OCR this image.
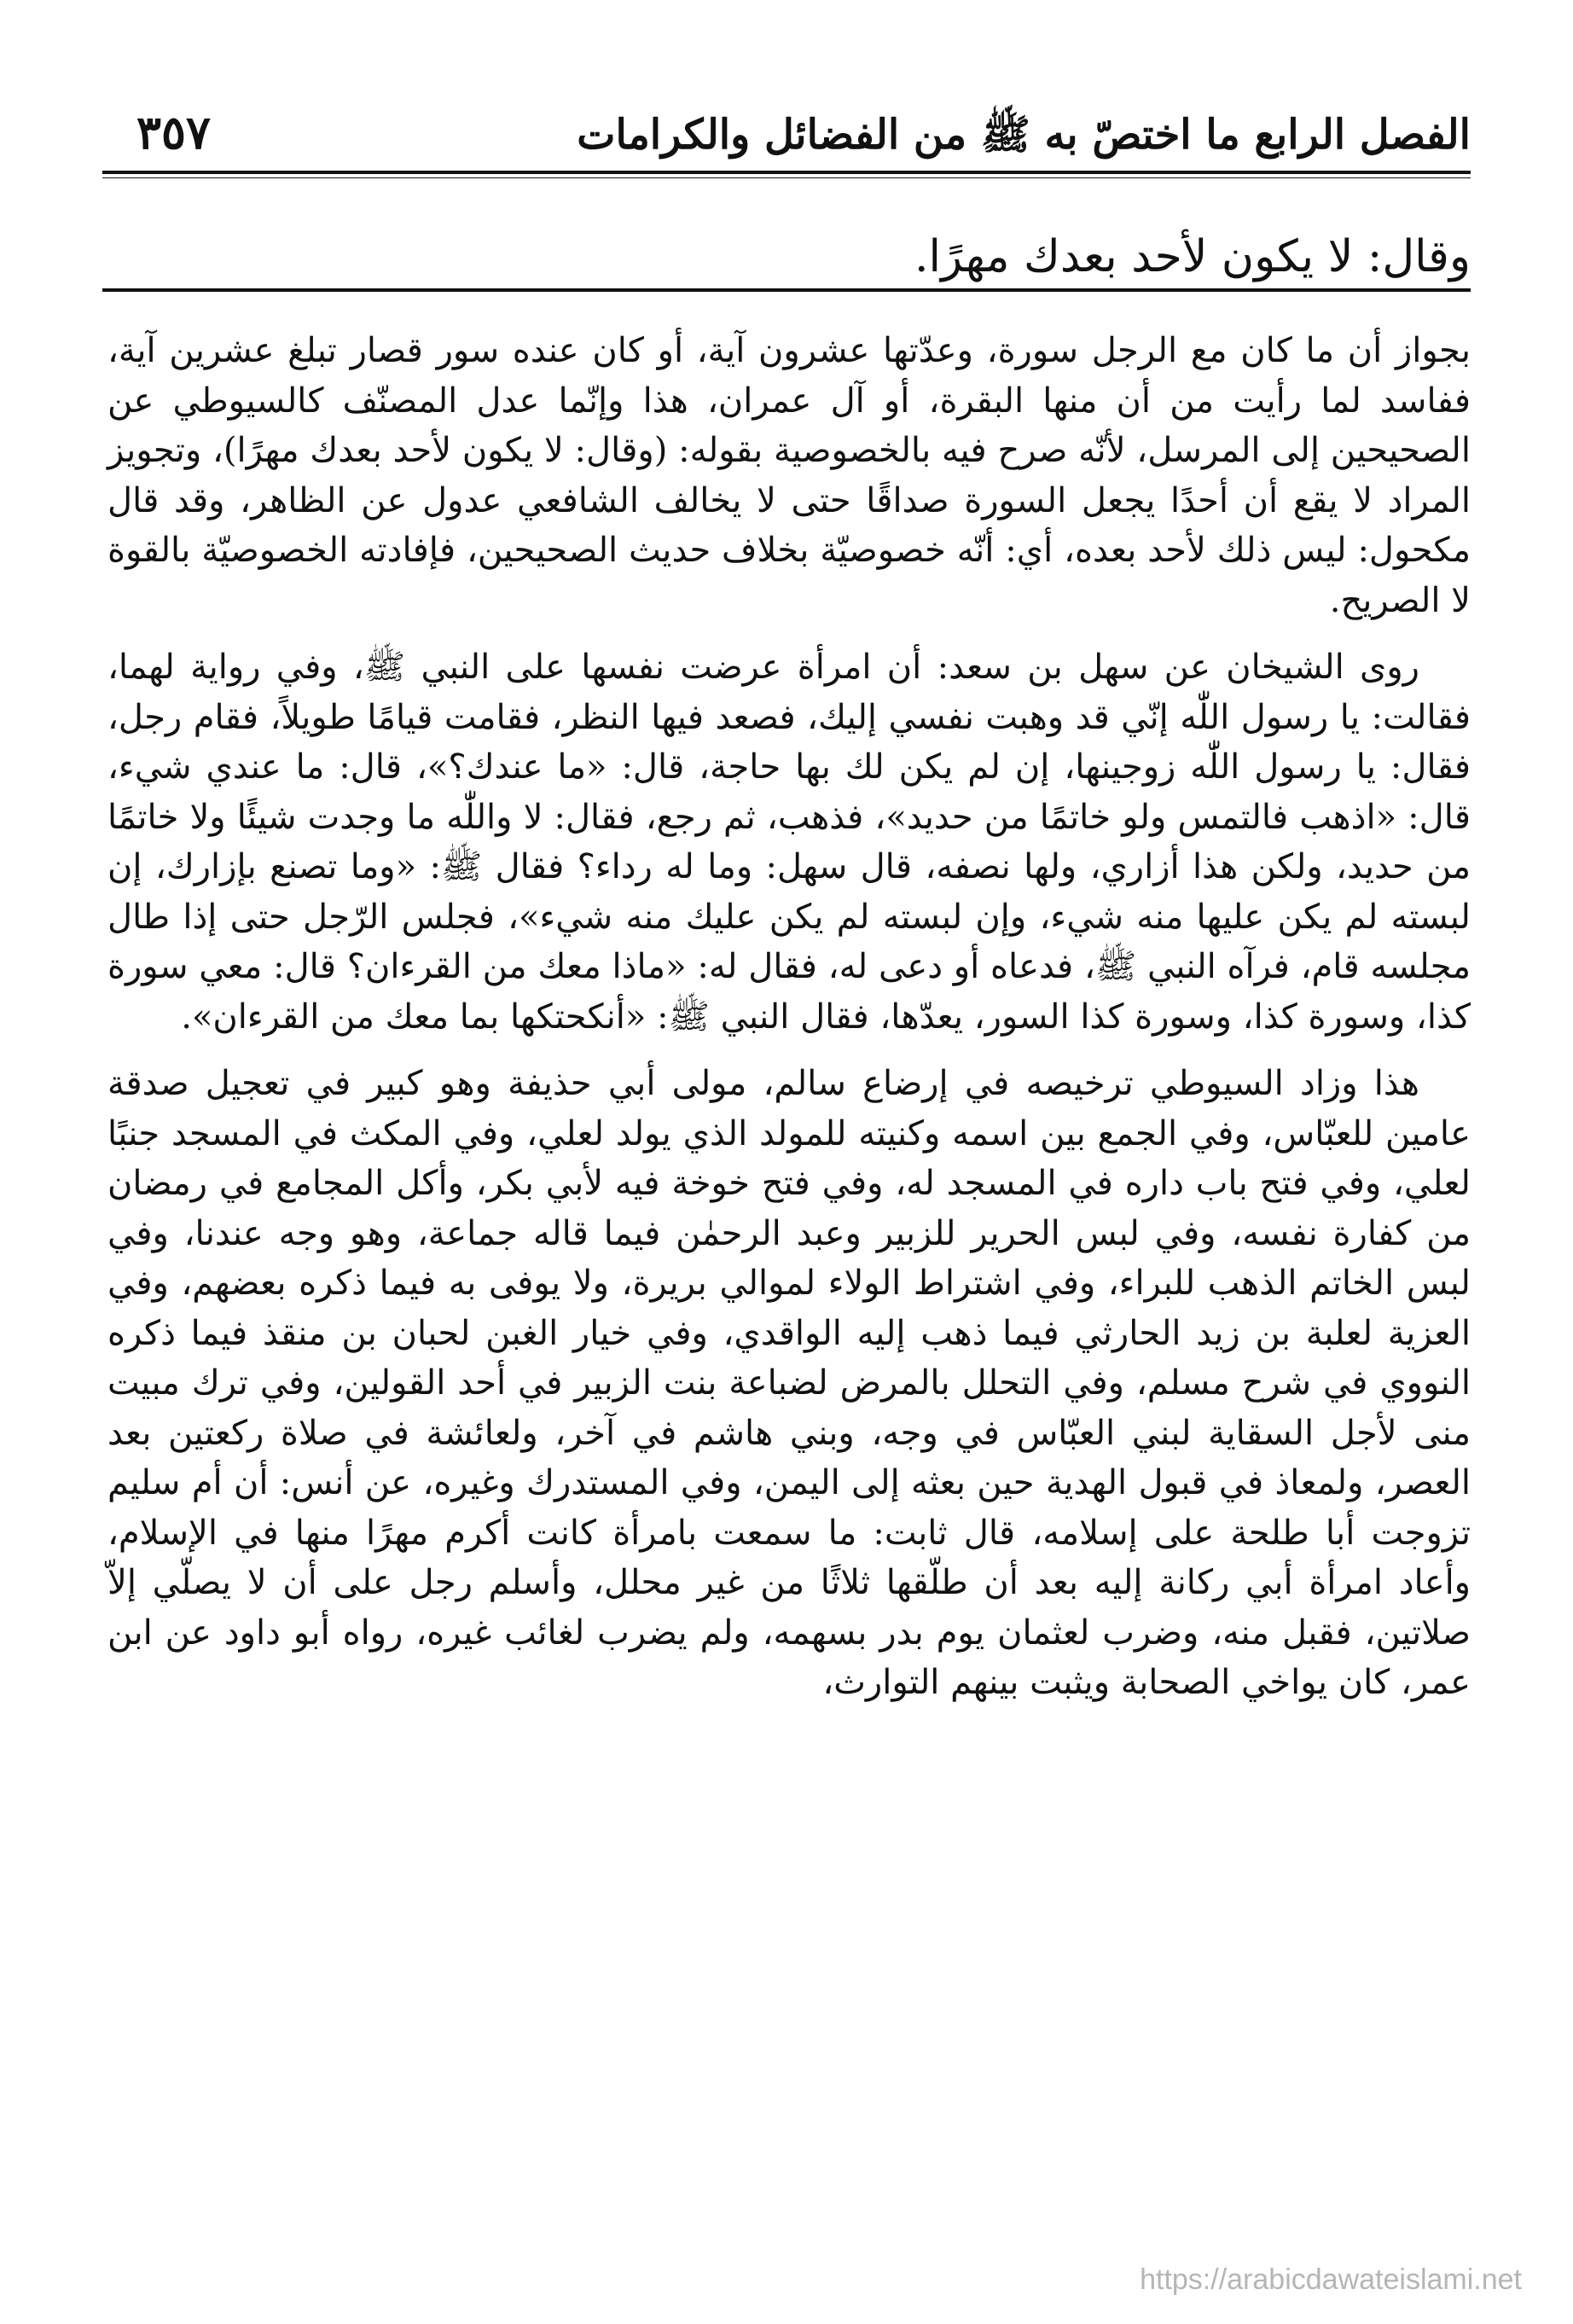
الفصل الرابع ما اختصّ به ﷺ من الفضائل والكرامات
٣٥٧
وقال: لا يكون لأحد بعدك مهرًا.

بجواز أن ما كان مع الرجل سورة، وعدّتها عشرون آية، أو كان عنده سور قصار تبلغ عشرين آية، ففاسد لما رأيت من أن منها البقرة، أو آل عمران، هذا وإنّما عدل المصنّف كالسيوطي عن الصحيحين إلى المرسل، لأنّه صرح فيه بالخصوصية بقوله: (وقال: لا يكون لأحد بعدك مهرًا)، وتجويز المراد لا يقع أن أحدًا يجعل السورة صداقًا حتى لا يخالف الشافعي عدول عن الظاهر، وقد قال مكحول: ليس ذلك لأحد بعده، أي: أنّه خصوصيّة بخلاف حديث الصحيحين، فإفادته الخصوصيّة بالقوة لا الصريح.

روى الشيخان عن سهل بن سعد: أن امرأة عرضت نفسها على النبي ﷺ، وفي رواية لهما، فقالت: يا رسول اللّٰه إنّي قد وهبت نفسي إليك، فصعد فيها النظر، فقامت قيامًا طويلاً، فقام رجل، فقال: يا رسول اللّٰه زوجينها، إن لم يكن لك بها حاجة، قال: «ما عندك؟»، قال: ما عندي شيء، قال: «اذهب فالتمس ولو خاتمًا من حديد»، فذهب، ثم رجع، فقال: لا واللّٰه ما وجدت شيئًا ولا خاتمًا من حديد، ولكن هذا أزاري، ولها نصفه، قال سهل: وما له رداء؟ فقال ﷺ: «وما تصنع بإزارك، إن لبسته لم يكن عليها منه شيء، وإن لبسته لم يكن عليك منه شيء»، فجلس الرّجل حتى إذا طال مجلسه قام، فرآه النبي ﷺ، فدعاه أو دعى له، فقال له: «ماذا معك من القرءان؟ قال: معي سورة كذا، وسورة كذا، وسورة كذا السور، يعدّها، فقال النبي ﷺ: «أنكحتكها بما معك من القرءان».

هذا وزاد السيوطي ترخيصه في إرضاع سالم، مولى أبي حذيفة وهو كبير في تعجيل صدقة عامين للعبّاس، وفي الجمع بين اسمه وكنيته للمولد الذي يولد لعلي، وفي المكث في المسجد جنبًا لعلي، وفي فتح باب داره في المسجد له، وفي فتح خوخة فيه لأبي بكر، وأكل المجامع في رمضان من كفارة نفسه، وفي لبس الحرير للزبير وعبد الرحمٰن فيما قاله جماعة، وهو وجه عندنا، وفي لبس الخاتم الذهب للبراء، وفي اشتراط الولاء لموالي بريرة، ولا يوفى به فيما ذكره بعضهم، وفي العزية لعلبة بن زيد الحارثي فيما ذهب إليه الواقدي، وفي خيار الغبن لحبان بن منقذ فيما ذكره النووي في شرح مسلم، وفي التحلل بالمرض لضباعة بنت الزبير في أحد القولين، وفي ترك مبيت منى لأجل السقاية لبني العبّاس في وجه، وبني هاشم في آخر، ولعائشة في صلاة ركعتين بعد العصر، ولمعاذ في قبول الهدية حين بعثه إلى اليمن، وفي المستدرك وغيره، عن أنس: أن أم سليم تزوجت أبا طلحة على إسلامه، قال ثابت: ما سمعت بامرأة كانت أكرم مهرًا منها في الإسلام، وأعاد امرأة أبي ركانة إليه بعد أن طلّقها ثلاثًا من غير محلل، وأسلم رجل على أن لا يصلّي إلاّ صلاتين، فقبل منه، وضرب لعثمان يوم بدر بسهمه، ولم يضرب لغائب غيره، رواه أبو داود عن ابن عمر، كان يواخي الصحابة ويثبت بينهم التوارث،

https://arabicdawateislami.net
